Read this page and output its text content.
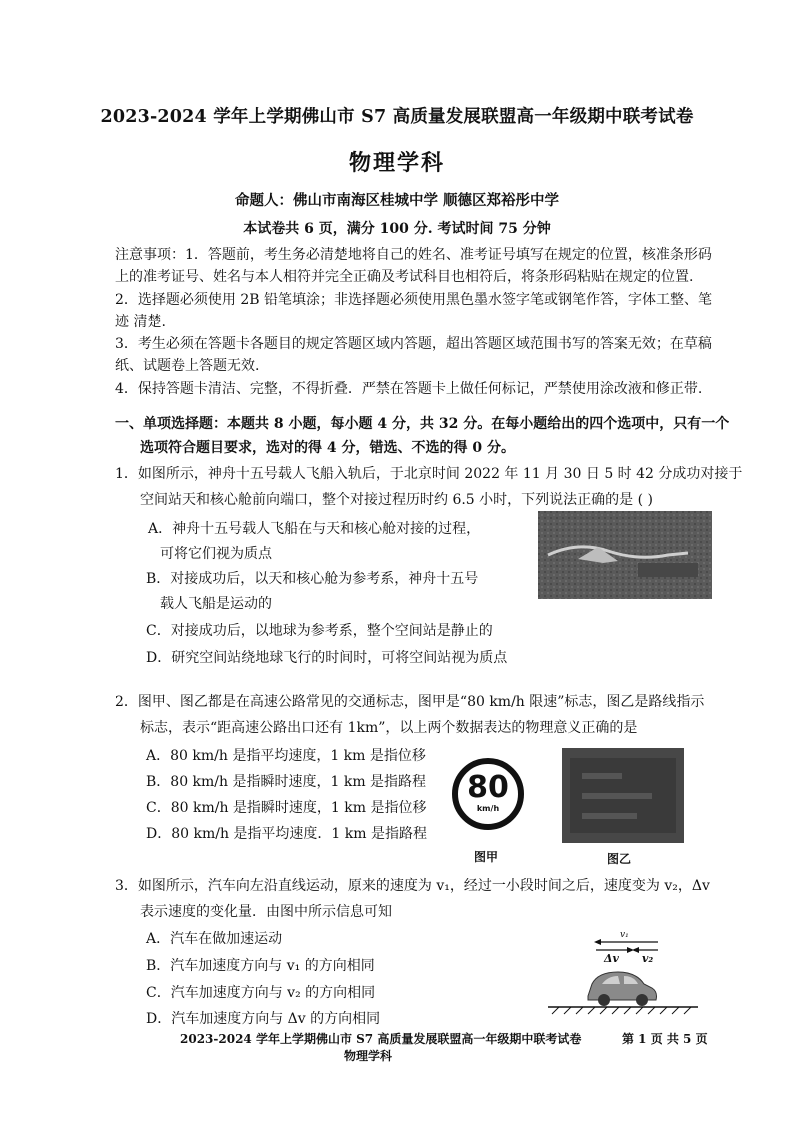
2023-2024 学年上学期佛山市 S7 高质量发展联盟高一年级期中联考试卷
物理学科
命题人：佛山市南海区桂城中学 顺德区郑裕彤中学
本试卷共 6 页，满分 100 分. 考试时间 75 分钟
注意事项：1．答题前，考生务必清楚地将自己的姓名、准考证号填写在规定的位置，核准条形码
上的准考证号、姓名与本人相符并完全正确及考试科目也相符后，将条形码粘贴在规定的位置.
2．选择题必须使用 2B 铅笔填涂；非选择题必须使用黑色墨水签字笔或钢笔作答，字体工整、笔
迹 清楚.
3．考生必须在答题卡各题目的规定答题区域内答题，超出答题区域范围书写的答案无效；在草稿
纸、试题卷上答题无效.
4．保持答题卡清洁、完整，不得折叠．严禁在答题卡上做任何标记，严禁使用涂改液和修正带.
一、单项选择题：本题共 8 小题，每小题 4 分，共 32 分。在每小题给出的四个选项中，只有一个
选项符合题目要求，选对的得 4 分，错选、不选的得 0 分。
1．如图所示，神舟十五号载人飞船入轨后，于北京时间 2022 年 11 月 30 日 5 时 42 分成功对接于
空间站天和核心舱前向端口，整个对接过程历时约 6.5 小时，下列说法正确的是 ( )
A．神舟十五号载人飞船在与天和核心舱对接的过程，
可将它们视为质点
B．对接成功后，以天和核心舱为参考系，神舟十五号
载人飞船是运动的
C．对接成功后，以地球为参考系，整个空间站是静止的
D．研究空间站绕地球飞行的时间时，可将空间站视为质点
2．图甲、图乙都是在高速公路常见的交通标志，图甲是“80 km/h 限速”标志，图乙是路线指示
标志，表示“距高速公路出口还有 1km”，以上两个数据表达的物理意义正确的是
A．80 km/h 是指平均速度，1 km 是指位移
B．80 km/h 是指瞬时速度，1 km 是指路程
C．80 km/h 是指瞬时速度，1 km 是指位移
D．80 km/h 是指平均速度．1 km 是指路程
80
km/h
图甲	图乙
3．如图所示，汽车向左沿直线运动，原来的速度为 v₁，经过一小段时间之后，速度变为 v₂，Δv
表示速度的变化量．由图中所示信息可知
A．汽车在做加速运动
B．汽车加速度方向与 v₁ 的方向相同
C．汽车加速度方向与 v₂ 的方向相同
D．汽车加速度方向与 Δv 的方向相同
v₁
Δv v₂
2023-2024 学年上学期佛山市 S7 高质量发展联盟高一年级期中联考试卷	第 1 页 共 5 页
物理学科
